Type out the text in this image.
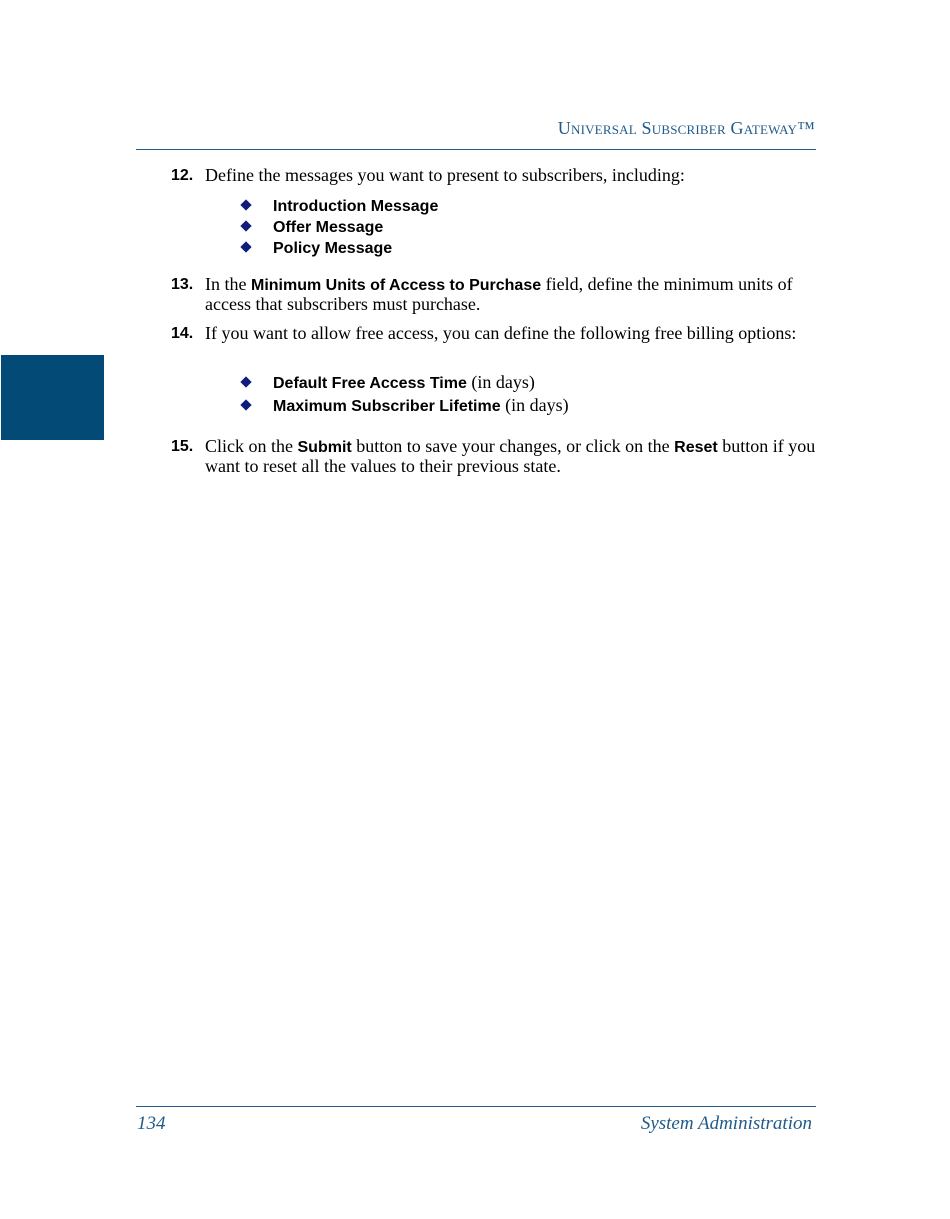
Universal Subscriber Gateway™
12. Define the messages you want to present to subscribers, including:
Introduction Message
Offer Message
Policy Message
13. In the Minimum Units of Access to Purchase field, define the minimum units of access that subscribers must purchase.
14. If you want to allow free access, you can define the following free billing options:
Default Free Access Time (in days)
Maximum Subscriber Lifetime (in days)
15. Click on the Submit button to save your changes, or click on the Reset button if you want to reset all the values to their previous state.
134	System Administration
